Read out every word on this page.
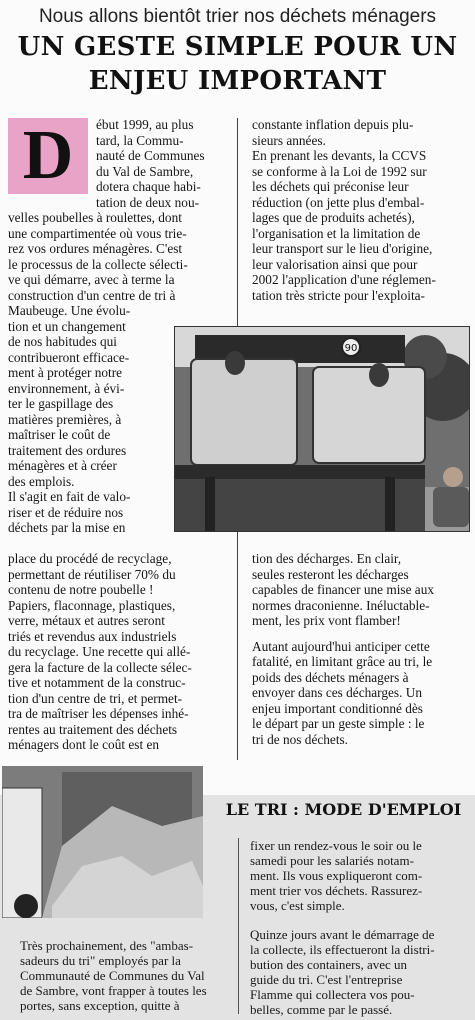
Nous allons bientôt trier nos déchets ménagers
UN GESTE SIMPLE POUR UN
ENJEU IMPORTANT
D	ébut 1999, au plus

tard, la Commu-

nauté de Communes

du Val de Sambre,

dotera chaque habi-

tation de deux nou-

velles poubelles à roulettes, dont

une compartimentée où vous trie-

rez vos ordures ménagères. C'est

le processus de la collecte sélecti-

ve qui démarre, avec à terme la

construction d'un centre de tri à

Maubeuge. Une évolu-

tion et un changement

de nos habitudes qui

contribueront efficace-

ment à protéger notre

environnement, à évi-

ter le gaspillage des

matières premières, à

maîtriser le coût de

traitement des ordures

ménagères et à créer

des emplois.

Il s'agit en fait de valo-

riser et de réduire nos

déchets par la mise en

place du procédé de recyclage,

permettant de réutiliser 70% du

contenu de notre poubelle !

Papiers, flaconnage, plastiques,

verre, métaux et autres seront

triés et revendus aux industriels

du recyclage. Une recette qui allé-

gera la facture de la collecte sélec-

tive et notamment de la construc-

tion d'un centre de tri, et permet-

tra de maîtriser les dépenses inhé-

rentes au traitement des déchets

ménagers dont le coût est en

constante inflation depuis plu-

sieurs années.

En prenant les devants, la CCVS

se conforme à la Loi de 1992 sur

les déchets qui préconise leur

réduction (on jette plus d'embal-

lages que de produits achetés),

l'organisation et la limitation de

leur transport sur le lieu d'origine,

leur valorisation ainsi que pour

2002 l'application d'une réglemen-

tation très stricte pour l'exploita-

90

tion des décharges. En clair,

seules resteront les décharges

capables de financer une mise aux

normes draconienne. Inéluctable-

ment, les prix vont flamber!

Autant aujourd'hui anticiper cette

fatalité, en limitant grâce au tri, le

poids des déchets ménagers à

envoyer dans ces décharges. Un

enjeu important conditionné dès

le départ par un geste simple : le

tri de nos déchets.

LE TRI : MODE D'EMPLOI

Très prochainement, des "ambas-

sadeurs du tri" employés par la

Communauté de Communes du Val

de Sambre, vont frapper à toutes les

portes, sans exception, quitte à

fixer un rendez-vous le soir ou le

samedi pour les salariés notam-

ment. Ils vous expliqueront com-

ment trier vos déchets. Rassurez-

vous, c'est simple.

Quinze jours avant le démarrage de

la collecte, ils effectueront la distri-

bution des containers, avec un

guide du tri. C'est l'entreprise

Flamme qui collectera vos pou-

belles, comme par le passé.
